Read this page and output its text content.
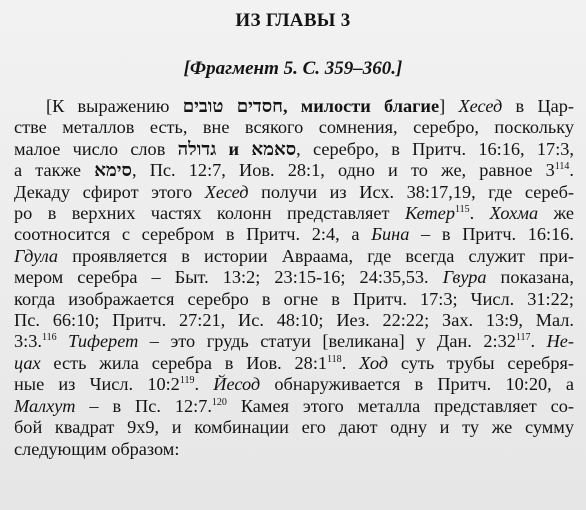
ИЗ ГЛАВЫ 3
[Фрагмент 5. С. 359–360.]
[К выражению חסדים טובים, милости благие] Хесед в Цар-
стве металлов есть, вне всякого сомнения, серебро, поскольку
малое число слов גדולה и סאמא, серебро, в Притч. 16:16, 17:3,
а также סימא, Пс. 12:7, Иов. 28:1, одно и то же, равное $3^{114}$.
Декаду сфирот этого Хесед получи из Исх. 38:17,19, где сереб-
ро в верхних частях колонн представляет Кетер$^{115}$. Хохма же
соотносится с серебром в Притч. 2:4, а Бина – в Притч. 16:16.
Гдула проявляется в истории Авраама, где всегда служит при-
мером серебра – Быт. 13:2; 23:15-16; 24:35,53. Гвура показана,
когда изображается серебро в огне в Притч. 17:3; Числ. 31:22;
Пс. 66:10; Притч. 27:21, Ис. 48:10; Иез. 22:22; Зах. 13:9, Мал.
3:3.$^{116}$ Тиферет – это грудь статуи [великана] у Дан. $2:32^{117}$. Не-
цах есть жила серебра в Иов. $28:1^{118}$. Ход суть трубы серебря-
ные из Числ. $10:2^{119}$. Йесод обнаруживается в Притч. 10:20, а
Малхут – в Пс. 12:7.$^{120}$ Камея этого металла представляет со-
бой квадрат 9х9, и комбинации его дают одну и ту же сумму
следующим образом:
